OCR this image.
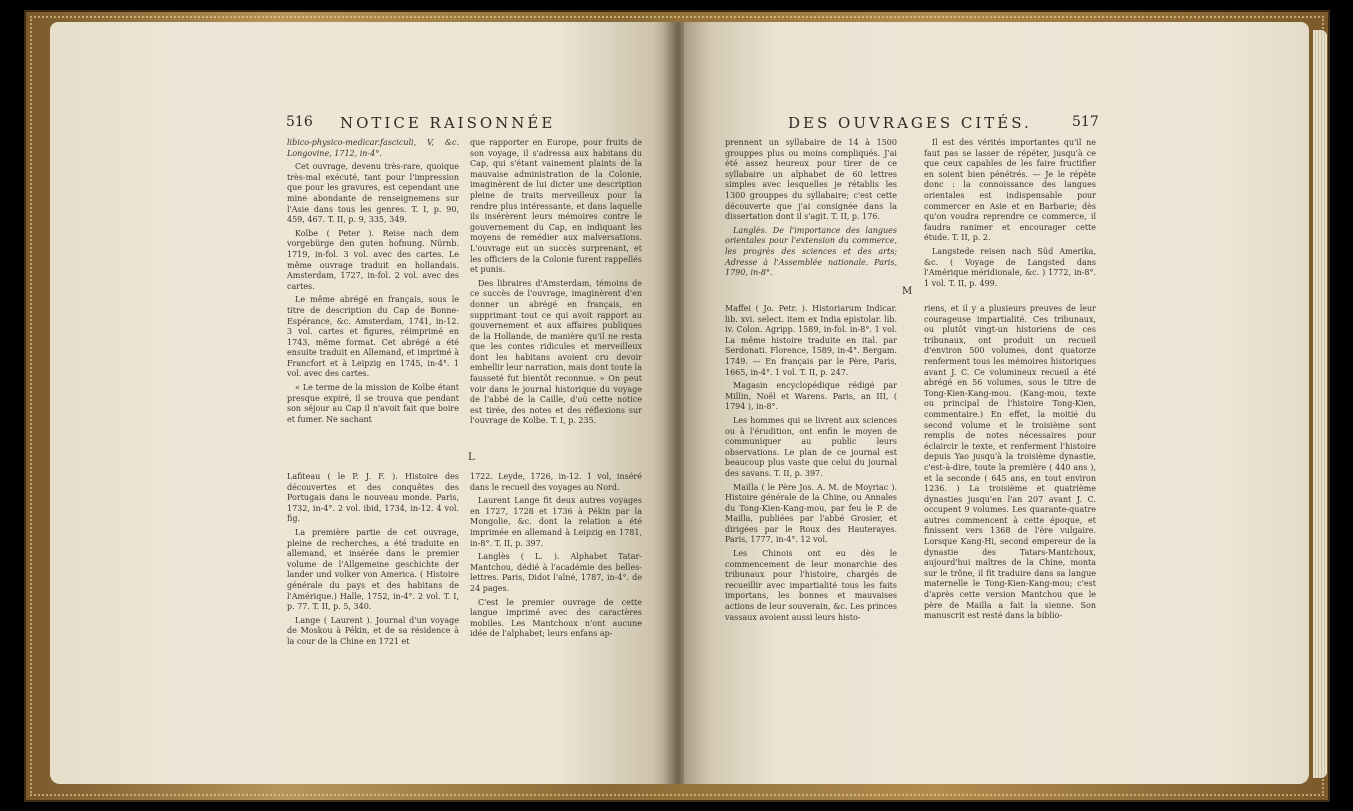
516 NOTICE RAISONNÉE

libico-physico-medicar.fasciculi, V, &c. Longovine, 1712, in-4°.

Cet ouvrage, devenu très-rare, quoique très-mal exécuté, tant pour l'impression que pour les gravures, est cependant une mine abondante de renseignemens sur l'Asie dans tous les genres. T. I, p. 90, 459, 467. T. II, p. 9, 335, 349.

Kolbe ( Peter ). Reise nach dem vorgebürge den guten hofnung. Nürnb. 1719, in-fol. 3 vol. avec des cartes. Le même ouvrage traduit en hollandais. Amsterdam, 1727, in-fol. 2 vol. avec des cartes.

Le même abrégé en français, sous le titre de description du Cap de Bonne-Espérance, &c. Amsterdam, 1741, in-12. 3 vol. cartes et figures, réimprimé en 1743, même format. Cet abrégé a été ensuite traduit en Allemand, et imprimé à Francfort et à Leipzig en 1745, in-4°. 1 vol. avec des cartes.

« Le terme de la mission de Kolbe étant presque expiré, il se trouva que pendant son séjour au Cap il n'avoit fait que boire et fumer. Ne sachant

que rapporter en Europe, pour fruits de son voyage, il s'adressa aux habitans du Cap, qui s'étant vainement plaints de la mauvaise administration de la Colonie, imaginèrent de lui dicter une description pleine de traits merveilleux pour la rendre plus intéressante, et dans laquelle ils insérèrent leurs mémoires contre le gouvernement du Cap, en indiquant les moyens de remédier aux malversations. L'ouvrage eut un succès surprenant, et les officiers de la Colonie furent rappellés et punis.

Des libraires d'Amsterdam, témoins de ce succès de l'ouvrage, imaginèrent d'en donner un abrégé en français, en supprimant tout ce qui avoit rapport au gouvernement et aux affaires publiques de la Hollande, de manière qu'il ne resta que les contes ridicules et merveilleux dont les habitans avoient cru devoir embellir leur narration, mais dont toute la fausseté fut bientôt reconnue. » On peut voir dans le journal historique du voyage de l'abbé de la Caille, d'où cette notice est tirée, des notes et des réflexions sur l'ouvrage de Kolbe. T. I, p. 235.

L

Lafiteau ( le P. J. F. ). Histoire des découvertes et des conquêtes des Portugais dans le nouveau monde. Paris, 1732, in-4°. 2 vol. ibid, 1734, in-12. 4 vol. fig.

La première partie de cet ouvrage, pleine de recherches, a été traduite en allemand, et insérée dans le premier volume de l'Allgemeine geschichte der lander und volker von America. ( Histoire générale du pays et des habitans de l'Amérique.) Halle, 1752, in-4°. 2 vol. T. I, p. 77. T. II, p. 5, 340.

Lange ( Laurent ). Journal d'un voyage de Moskou à Pékin, et de sa résidence à la cour de la Chine en 1721 et

1722. Leyde, 1726, in-12. 1 vol, inséré dans le recueil des voyages au Nord.

Laurent Lange fit deux autres voyages en 1727, 1728 et 1736 à Pékin par la Mongolie, &c. dont la relation a été imprimée en allemand à Leipzig en 1781, in-8°. T. II, p. 397.

Langlès ( L. ). Alphabet Tatar-Mantchou, dédié à l'académie des belles-lettres. Paris, Didot l'aîné, 1787, in-4°. de 24 pages.

C'est le premier ouvrage de cette langue imprimé avec des caractères mobiles. Les Mantchoux n'ont aucune idée de l'alphabet; leurs enfans ap-

DES OUVRAGES CITÉS.	517

prennent un syllabaire de 14 à 1500 grouppes plus ou moins compliqués. J'ai été assez heureux pour tirer de ce syllabaire un alphabet de 60 lettres simples avec lesquelles je rétablis les 1300 grouppes du syllabaire; c'est cette découverte que j'ai consignée dans la dissertation dont il s'agit. T. II, p. 176.

Langlès. De l'importance des langues orientales pour l'extension du commerce, les progrès des sciences et des arts; Adresse à l'Assemblée nationale. Paris, 1790, in-8°.

Il est des vérités importantes qu'il ne faut pas se lasser de répéter, jusqu'à ce que ceux capables de les faire fructifier en soient bien pénétrés. — Je le répète donc : la connoissance des langues orientales est indispensable pour commercer en Asie et en Barbarie; dès qu'on voudra reprendre ce commerce, il faudra ranimer et encourager cette étude. T. II, p. 2.

Langstede reisen nach Süd Amerika, &c. ( Voyage de Langsted dans l'Amérique méridionale, &c. ) 1772, in-8°. 1 vol. T. II, p. 499.

M

Maffei ( Jo. Petr. ). Historiarum Indicar. lib. xvi. select. item ex India epistolar. lib. iv. Colon. Agripp. 1589, in-fol. in-8°. 1 vol. La même histoire traduite en ital. par Serdonati. Florence, 1589, in-4°. Bergam. 1749. — En français par le Père, Paris, 1665, in-4°. 1 vol. T. II, p. 247.

Magasin encyclopédique rédigé par Millin, Noël et Warens. Paris, an III, ( 1794 ), in-8°.

Les hommes qui se livrent aux sciences ou à l'érudition, ont enfin le moyen de communiquer au public leurs observations. Le plan de ce journal est beaucoup plus vaste que celui du journal des savans. T. II, p. 397.

Mailla ( le Père Jos. A. M. de Moyriac ). Histoire générale de la Chine, ou Annales du Tong-Kien-Kang-mou, par feu le P. de Mailla, publiées par l'abbé Grosier, et dirigées par le Roux des Hauterayes. Paris, 1777, in-4°. 12 vol.

Les Chinois ont eu dès le commencement de leur monarchie des tribunaux pour l'histoire, chargés de recueillir avec impartialité tous les faits importans, les bonnes et mauvaises actions de leur souverain, &c. Les princes vassaux avoient aussi leurs histo-

riens, et il y a plusieurs preuves de leur courageuse impartialité. Ces tribunaux, ou plutôt vingt-un historiens de ces tribunaux, ont produit un recueil d'environ 500 volumes, dont quatorze renferment tous les mémoires historiques avant J. C. Ce volumineux recueil a été abrégé en 56 volumes, sous le titre de Tong-Kien-Kang-mou. (Kang-mou, texte ou principal de l'histoire Tong-Kien, commentaire.) En effet, la moitié du second volume et le troisième sont remplis de notes nécessaires pour éclaircir le texte, et renferment l'histoire depuis Yao jusqu'à la troisième dynastie, c'est-à-dire, toute la première ( 440 ans ), et la seconde ( 645 ans, en tout environ 1236. ) La troisième et quatrième dynasties jusqu'en l'an 207 avant J. C. occupent 9 volumes. Les quarante-quatre autres commencent à cette époque, et finissent vers 1368 de l'ère vulgaire. Lorsque Kang-Hi, second empereur de la dynastie des Tatars-Mantchoux, aujourd'hui maîtres de la Chine, monta sur le trône, il fit traduire dans sa langue maternelle le Tong-Kien-Kang-mou; c'est d'après cette version Mantchou que le père de Mailla a fait la sienne. Son manuscrit est resté dans la biblio-
